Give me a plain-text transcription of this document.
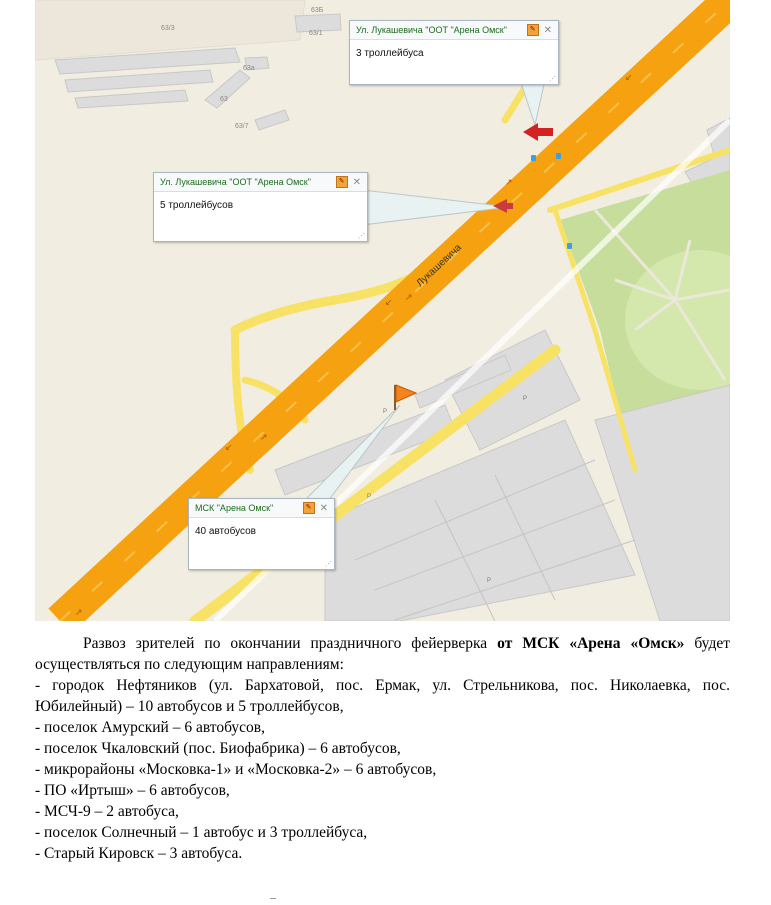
Лукашевича
63/3
63Б
63/1
63а
63
63/7
P
P
P
P
↙
↗
↙ ↗
↗
↙
↗
Ул. Лукашевича "ООТ "Арена Омск"	✎ ✕
3 троллейбуса
⋰
Ул. Лукашевича "ООТ "Арена Омск"	✎ ✕
5 троллейбусов
⋰
МСК "Арена Омск"	✎ ✕
40 автобусов
⋰

Развоз зрителей по окончании праздничного фейерверка от МСК «Арена «Омск» будет осуществляться по следующим направлениям:

- городок Нефтяников (ул. Бархатовой, пос. Ермак, ул. Стрельникова, пос. Николаевка, пос. Юбилейный) – 10 автобусов и 5 троллейбусов,
- поселок Амурский – 6 автобусов,
- поселок Чкаловский (пос. Биофабрика) – 6 автобусов,
- микрорайоны «Московка-1» и «Московка-2» – 6 автобусов,
- ПО «Иртыш» – 6 автобусов,
- МСЧ-9 – 2 автобуса,
- поселок Солнечный – 1 автобус и 3 троллейбуса,
- Старый Кировск – 3 автобуса.
